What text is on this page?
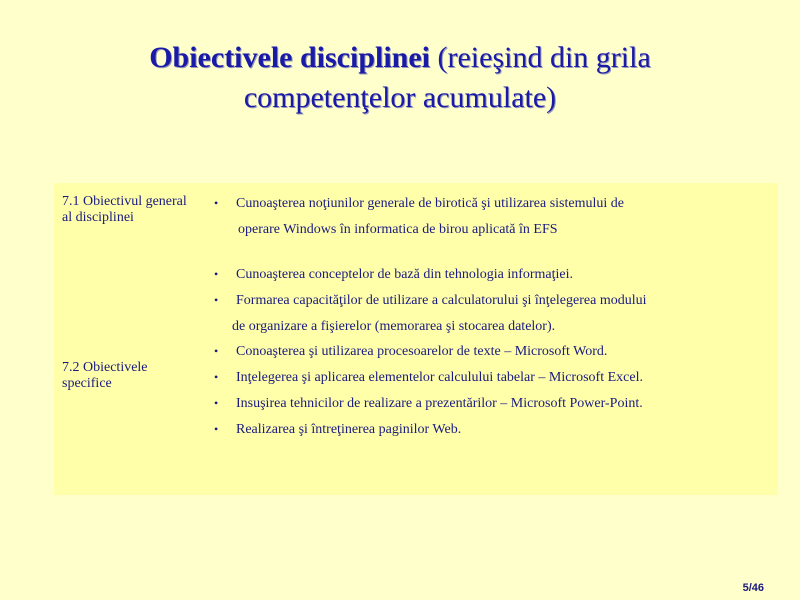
Obiectivele disciplinei (reieşind din grila
competenţelor acumulate)
7.1 Obiectivul general al disciplinei
7.2 Obiectivele specifice
• Cunoaşterea noţiunilor generale de birotică şi utilizarea sistemului de
operare Windows în informatica de birou aplicată în EFS
• Cunoaşterea conceptelor de bază din tehnologia informaţiei.
• Formarea capacităţilor de utilizare a calculatorului şi înţelegerea modului
de organizare a fişierelor (memorarea şi stocarea datelor).
• Conoaşterea şi utilizarea procesoarelor de texte – Microsoft Word.
• Inţelegerea şi aplicarea elementelor calculului tabelar – Microsoft Excel.
• Insuşirea tehnicilor de realizare a prezentărilor – Microsoft Power-Point.
• Realizarea şi întreţinerea paginilor Web.
5/46
